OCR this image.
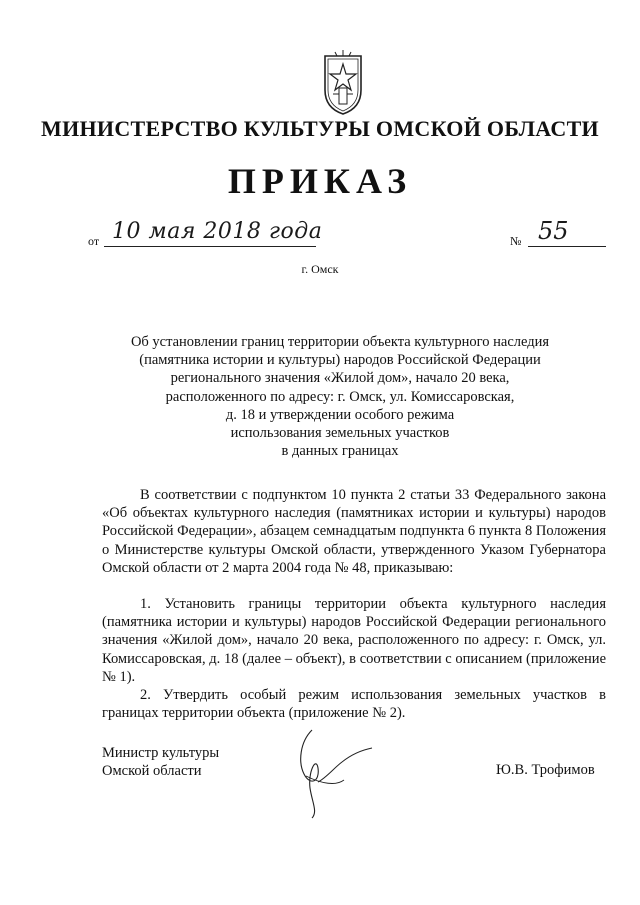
МИНИСТЕРСТВО КУЛЬТУРЫ ОМСКОЙ ОБЛАСТИ
ПРИКАЗ
от 10 мая 2018 года	№ 55
г. Омск
Об установлении границ территории объекта культурного наследия
(памятника истории и культуры) народов Российской Федерации
регионального значения «Жилой дом», начало 20 века,
расположенного по адресу: г. Омск, ул. Комиссаровская,
д. 18 и утверждении особого режима
использования земельных участков
в данных границах
В соответствии с подпунктом 10 пункта 2 статьи 33 Федерального закона «Об объектах культурного наследия (памятниках истории и культуры) народов Российской Федерации», абзацем семнадцатым подпункта 6 пункта 8 Положения о Министерстве культуры Омской области, утвержденного Указом Губернатора Омской области от 2 марта 2004 года № 48, приказываю:
1. Установить границы территории объекта культурного наследия (памятника истории и культуры) народов Российской Федерации регионального значения «Жилой дом», начало 20 века, расположенного по адресу: г. Омск, ул. Комиссаровская, д. 18 (далее – объект), в соответствии с описанием (приложение № 1).
2. Утвердить особый режим использования земельных участков в границах территории объекта (приложение № 2).
Министр культуры
Омской области	Ю.В. Трофимов
